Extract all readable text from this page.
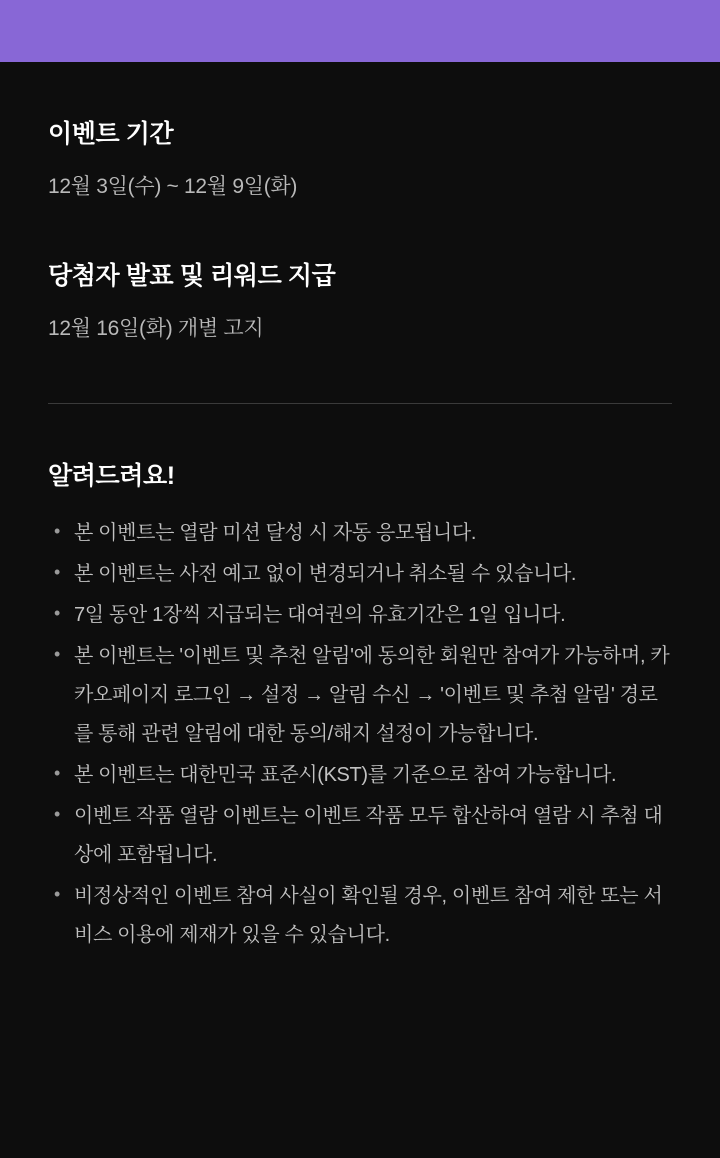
이벤트 기간

12월 3일(수) ~ 12월 9일(화)

당첨자 발표 및 리워드 지급

12월 16일(화) 개별 고지

알려드려요!
• 본 이벤트는 열람 미션 달성 시 자동 응모됩니다.
• 본 이벤트는 사전 예고 없이 변경되거나 취소될 수 있습니다.
• 7일 동안 1장씩 지급되는 대여권의 유효기간은 1일 입니다.
• 본 이벤트는 '이벤트 및 추천 알림'에 동의한 회원만 참여가 가능하며, 카카오페이지 로그인 → 설정 → 알림 수신 → '이벤트 및 추첨 알림' 경로를 통해 관련 알림에 대한 동의/해지 설정이 가능합니다.
• 본 이벤트는 대한민국 표준시(KST)를 기준으로 참여 가능합니다.
• 이벤트 작품 열람 이벤트는 이벤트 작품 모두 합산하여 열람 시 추첨 대상에 포함됩니다.
• 비정상적인 이벤트 참여 사실이 확인될 경우, 이벤트 참여 제한 또는 서비스 이용에 제재가 있을 수 있습니다.
